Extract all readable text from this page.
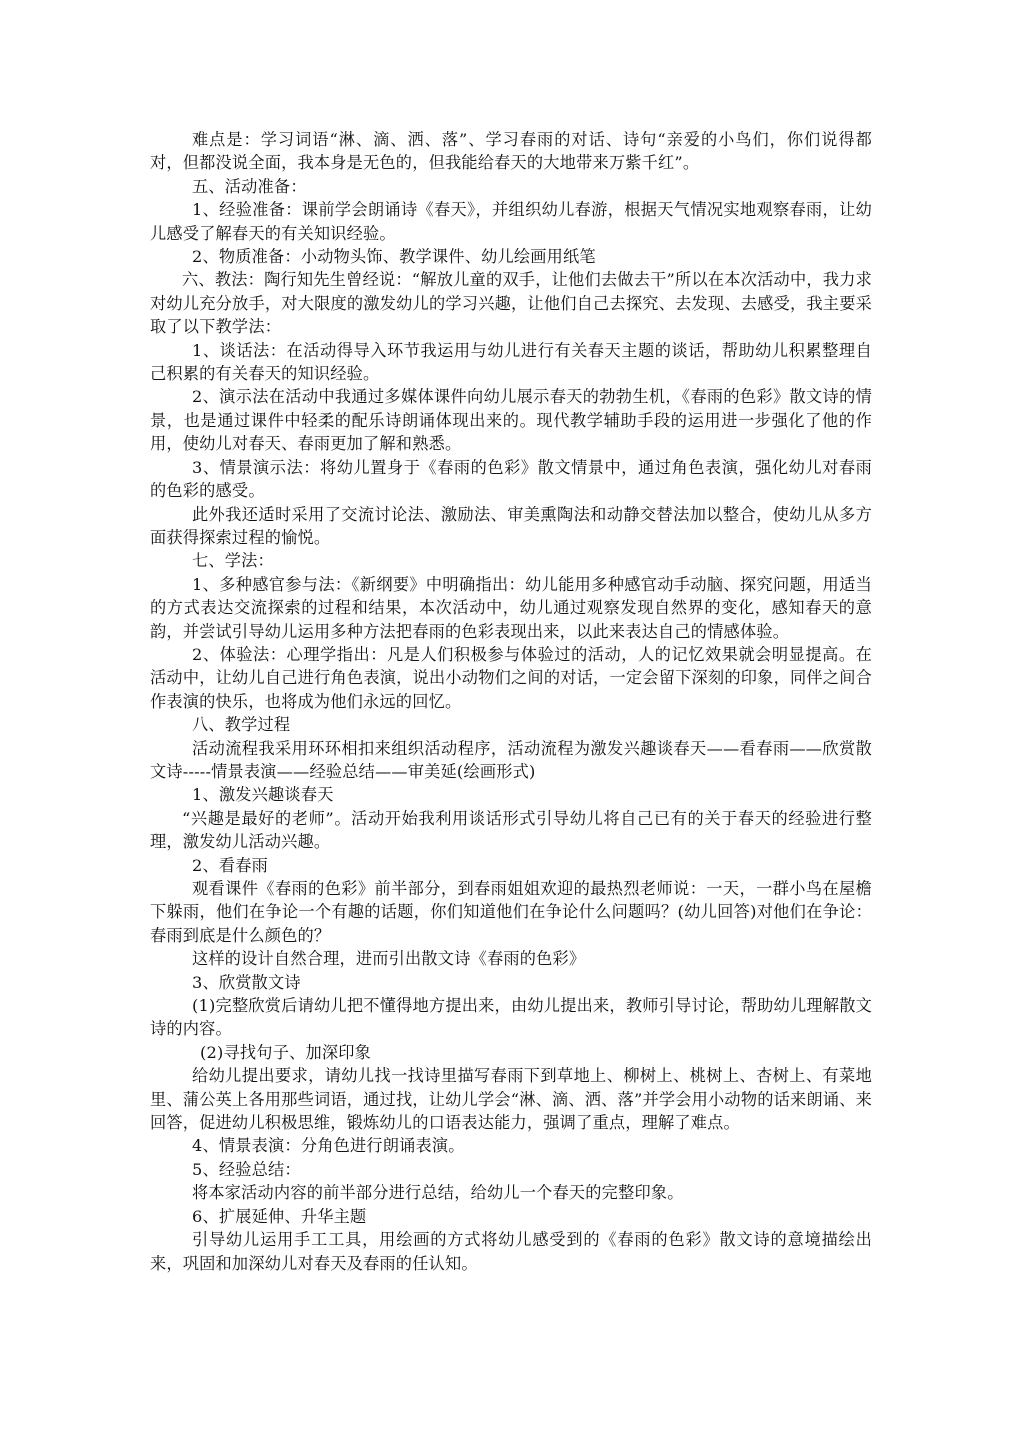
难点是：学习词语“淋、滴、洒、落”、学习春雨的对话、诗句“亲爱的小鸟们，你们说得都对，但都没说全面，我本身是无色的，但我能给春天的大地带来万紫千红”。

五、活动准备：

1、经验准备：课前学会朗诵诗《春天》，并组织幼儿春游，根据天气情况实地观察春雨，让幼儿感受了解春天的有关知识经验。

2、物质准备：小动物头饰、教学课件、幼儿绘画用纸笔

六、教法：陶行知先生曾经说：“解放儿童的双手，让他们去做去干”所以在本次活动中，我力求对幼儿充分放手，对大限度的激发幼儿的学习兴趣，让他们自己去探究、去发现、去感受，我主要采取了以下教学法：

1、谈话法：在活动得导入环节我运用与幼儿进行有关春天主题的谈话，帮助幼儿积累整理自己积累的有关春天的知识经验。

2、演示法在活动中我通过多媒体课件向幼儿展示春天的勃勃生机，《春雨的色彩》散文诗的情景，也是通过课件中轻柔的配乐诗朗诵体现出来的。现代教学辅助手段的运用进一步强化了他的作用，使幼儿对春天、春雨更加了解和熟悉。

3、情景演示法：将幼儿置身于《春雨的色彩》散文情景中，通过角色表演，强化幼儿对春雨的色彩的感受。

此外我还适时采用了交流讨论法、激励法、审美熏陶法和动静交替法加以整合，使幼儿从多方面获得探索过程的愉悦。

七、学法：

1、多种感官参与法：《新纲要》中明确指出：幼儿能用多种感官动手动脑、探究问题，用适当的方式表达交流探索的过程和结果，本次活动中，幼儿通过观察发现自然界的变化，感知春天的意韵，并尝试引导幼儿运用多种方法把春雨的色彩表现出来，以此来表达自己的情感体验。

2、体验法：心理学指出：凡是人们积极参与体验过的活动，人的记忆效果就会明显提高。在活动中，让幼儿自己进行角色表演，说出小动物们之间的对话，一定会留下深刻的印象，同伴之间合作表演的快乐，也将成为他们永远的回忆。

八、教学过程

活动流程我采用环环相扣来组织活动程序，活动流程为激发兴趣谈春天——看春雨——欣赏散文诗-----情景表演——经验总结——审美延(绘画形式)

1、激发兴趣谈春天

“兴趣是最好的老师”。活动开始我利用谈话形式引导幼儿将自己已有的关于春天的经验进行整理，激发幼儿活动兴趣。

2、看春雨

观看课件《春雨的色彩》前半部分，到春雨姐姐欢迎的最热烈老师说：一天，一群小鸟在屋檐下躲雨，他们在争论一个有趣的话题，你们知道他们在争论什么问题吗？(幼儿回答)对他们在争论：春雨到底是什么颜色的？

这样的设计自然合理，进而引出散文诗《春雨的色彩》

3、欣赏散文诗

(1)完整欣赏后请幼儿把不懂得地方提出来，由幼儿提出来，教师引导讨论，帮助幼儿理解散文诗的内容。

(2)寻找句子、加深印象

给幼儿提出要求，请幼儿找一找诗里描写春雨下到草地上、柳树上、桃树上、杏树上、有菜地里、蒲公英上各用那些词语，通过找，让幼儿学会“淋、滴、洒、落”并学会用小动物的话来朗诵、来回答，促进幼儿积极思维，锻炼幼儿的口语表达能力，强调了重点，理解了难点。

4、情景表演：分角色进行朗诵表演。

5、经验总结：

将本家活动内容的前半部分进行总结，给幼儿一个春天的完整印象。

6、扩展延伸、升华主题

引导幼儿运用手工工具，用绘画的方式将幼儿感受到的《春雨的色彩》散文诗的意境描绘出来，巩固和加深幼儿对春天及春雨的任认知。
